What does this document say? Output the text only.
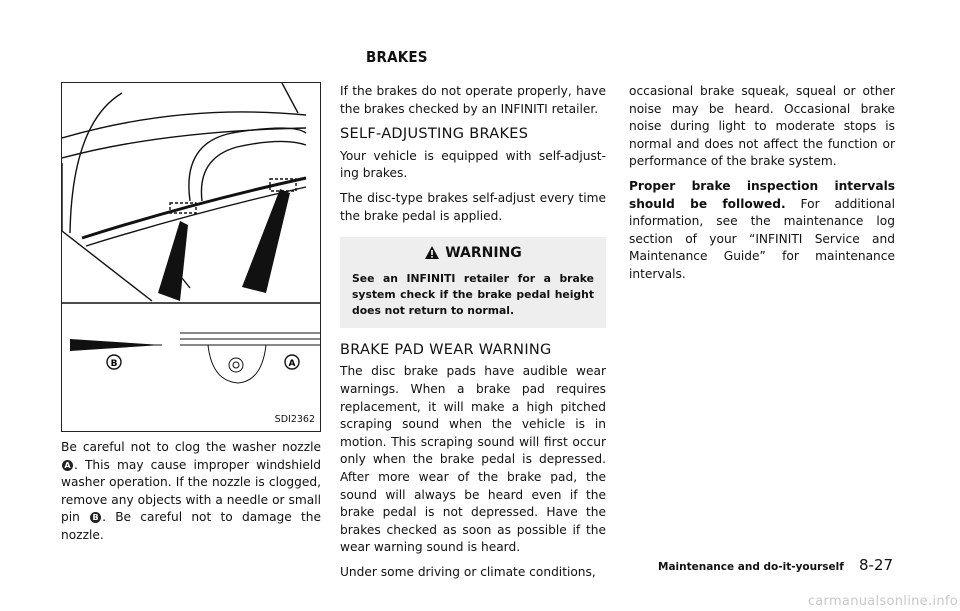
BRAKES
B	A
SDI2362

Be careful not to clog the washer nozzle A . This may cause improper windshield washer operation. If the nozzle is clogged, remove any objects with a needle or small pin B . Be careful not to damage the nozzle.

If the brakes do not operate properly, have the brakes checked by an INFINITI retailer.

SELF-ADJUSTING BRAKES

Your vehicle is equipped with self-adjust-ing brakes.

The disc-type brakes self-adjust every time the brake pedal is applied.

WARNING
See an INFINITI retailer for a brake system check if the brake pedal height does not return to normal.
BRAKE PAD WEAR WARNING

The disc brake pads have audible wear warnings. When a brake pad requires replacement, it will make a high pitched scraping sound when the vehicle is in motion. This scraping sound will first occur only when the brake pedal is depressed. After more wear of the brake pad, the sound will always be heard even if the brake pedal is not depressed. Have the brakes checked as soon as possible if the wear warning sound is heard.

Under some driving or climate conditions,

occasional brake squeak, squeal or other noise may be heard. Occasional brake noise during light to moderate stops is normal and does not affect the function or performance of the brake system.

Proper brake inspection intervals should be followed. For additional information, see the maintenance log section of your “INFINITI Service and Maintenance Guide” for maintenance intervals.

Maintenance and do-it-yourself 8-27
carmanualsonline.info
